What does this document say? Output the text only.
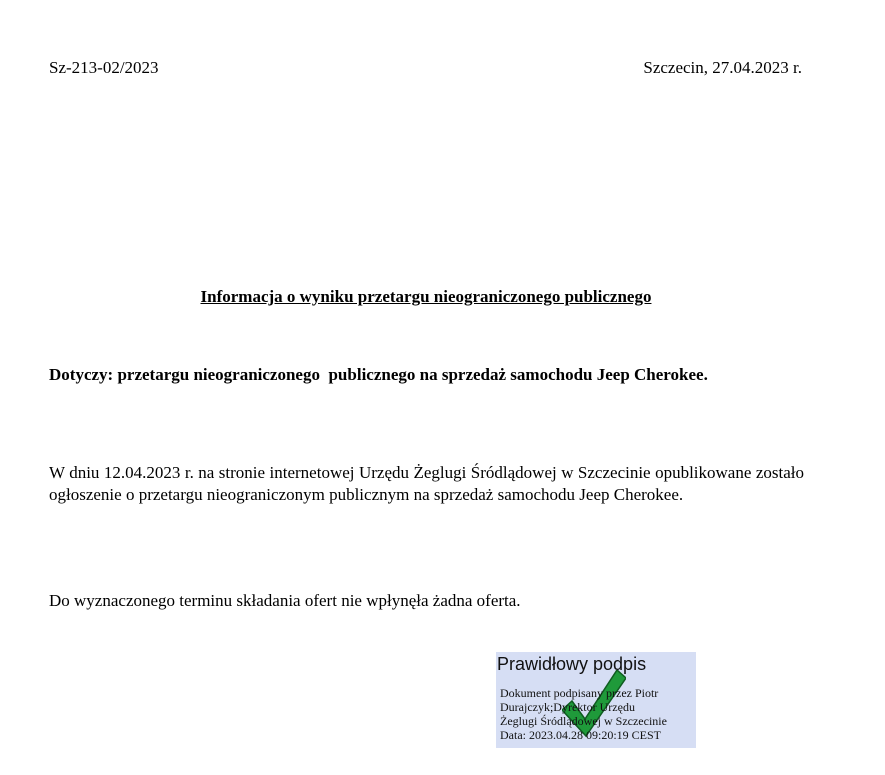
Sz-213-02/2023	Szczecin, 27.04.2023 r.
Informacja o wyniku przetargu nieograniczonego publicznego
Dotyczy: przetargu nieograniczonego  publicznego na sprzedaż samochodu Jeep Cherokee.
W dniu 12.04.2023 r. na stronie internetowej Urzędu Żeglugi Śródlądowej w Szczecinie opublikowane zostało ogłoszenie o przetargu nieograniczonym publicznym na sprzedaż samochodu Jeep Cherokee.
Do wyznaczonego terminu składania ofert nie wpłynęła żadna oferta.
Prawidłowy podpis
Dokument podpisany przez Piotr
Durajczyk;Dyrektor Urzędu
Żeglugi Śródlądowej w Szczecinie
Data: 2023.04.28 09:20:19 CEST
